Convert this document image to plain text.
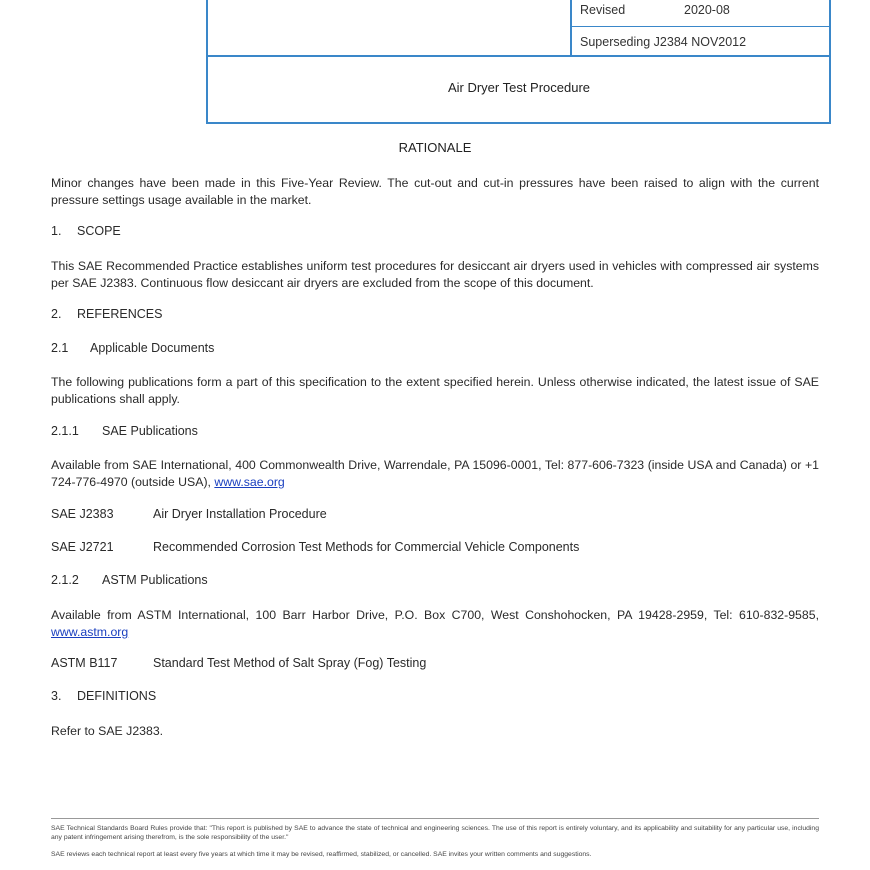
Revised	2020-08
Superseding J2384 NOV2012
Air Dryer Test Procedure
RATIONALE
Minor changes have been made in this Five-Year Review. The cut-out and cut-in pressures have been raised to align with the current pressure settings usage available in the market.
1. SCOPE
This SAE Recommended Practice establishes uniform test procedures for desiccant air dryers used in vehicles with compressed air systems per SAE J2383. Continuous flow desiccant air dryers are excluded from the scope of this document.
2. REFERENCES
2.1 Applicable Documents
The following publications form a part of this specification to the extent specified herein. Unless otherwise indicated, the latest issue of SAE publications shall apply.
2.1.1 SAE Publications
Available from SAE International, 400 Commonwealth Drive, Warrendale, PA 15096-0001, Tel: 877-606-7323 (inside USA and Canada) or +1 724-776-4970 (outside USA), www.sae.org
SAE J2383	Air Dryer Installation Procedure
SAE J2721	Recommended Corrosion Test Methods for Commercial Vehicle Components
2.1.2 ASTM Publications
Available from ASTM International, 100 Barr Harbor Drive, P.O. Box C700, West Conshohocken, PA 19428-2959, Tel: 610-832-9585, www.astm.org
ASTM B117	Standard Test Method of Salt Spray (Fog) Testing
3. DEFINITIONS
Refer to SAE J2383.
SAE Technical Standards Board Rules provide that: "This report is published by SAE to advance the state of technical and engineering sciences. The use of this report is entirely voluntary, and its applicability and suitability for any particular use, including any patent infringement arising therefrom, is the sole responsibility of the user."
SAE reviews each technical report at least every five years at which time it may be revised, reaffirmed, stabilized, or cancelled. SAE invites your written comments and suggestions.
